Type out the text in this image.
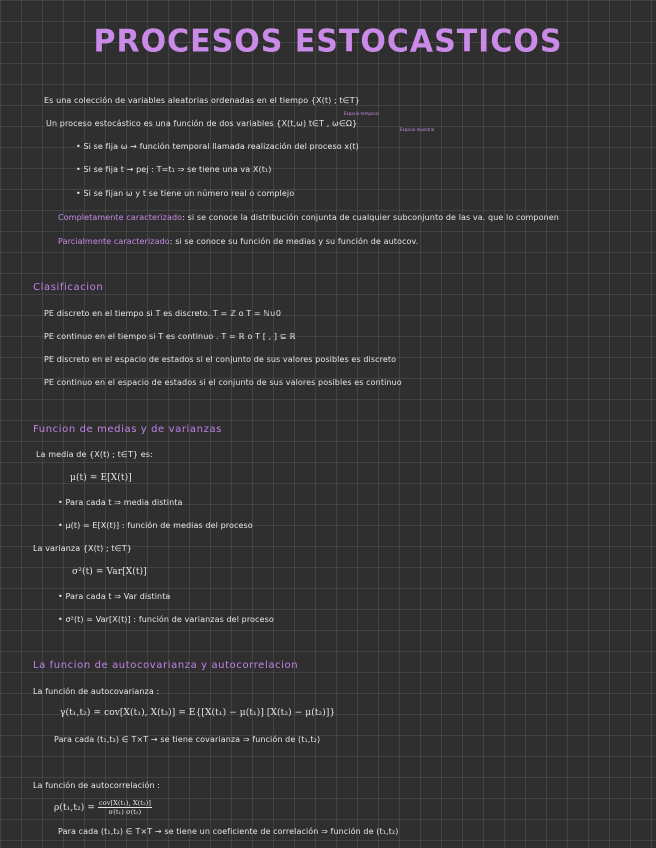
PROCESOS ESTOCASTICOS
Es una colección de variables aleatorias ordenadas en el tiempo {X(t) ; t∈T}
Espacio temporal
Un proceso estocástico es una función de dos variables {X(t,ω) t∈T , ω∈Ω}
Espacio muestral
• Si se fija ω → función temporal llamada realización del proceso x(t)
• Si se fija t → pej : T=t₁ ⇒ se tiene una va X(t₁)
• Si se fijan ω y t se tiene un número real o complejo
Completamente caracterizado: si se conoce la distribución conjunta de cualquier subconjunto de las va. que lo componen
Parcialmente caracterizado: si se conoce su función de medias y su función de autocov.
Clasificacion
PE discreto en el tiempo si T es discreto. T = ℤ o T = ℕ∪0
PE continuo en el tiempo si T es continuo . T = ℝ o T [ , ] ⊆ ℝ
PE discreto en el espacio de estados si el conjunto de sus valores posibles es discreto
PE continuo en el espacio de estados si el conjunto de sus valores posibles es continuo
Funcion de medias y de varianzas
La media de {X(t) ; t∈T} es:
μ(t) = E[X(t)]
• Para cada t ⇒ media distinta
• μ(t) = E[X(t)] : función de medias del proceso
La varianza {X(t) ; t∈T}
σ²(t) = Var[X(t)]
• Para cada t ⇒ Var distinta
• σ²(t) = Var[X(t)] : función de varianzas del proceso
La funcion de autocovarianza y autocorrelacion
La función de autocovarianza :
γ(t₁,t₂) = cov[X(t₁), X(t₂)] = E{[X(t₁) − μ(t₁)] [X(t₂) − μ(t₂)]}
Para cada (t₁,t₂) ∈ T×T → se tiene covarianza ⇒ función de (t₁,t₂)
La función de autocorrelación :
$\rho(t_1,t_2) = \frac{\text{cov[X(t₁), X(t₂)]}}{\text{σ(t₁) σ(t₂)}}$
Para cada (t₁,t₂) ∈ T×T → se tiene un coeficiente de correlación ⇒ función de (t₁,t₂)
